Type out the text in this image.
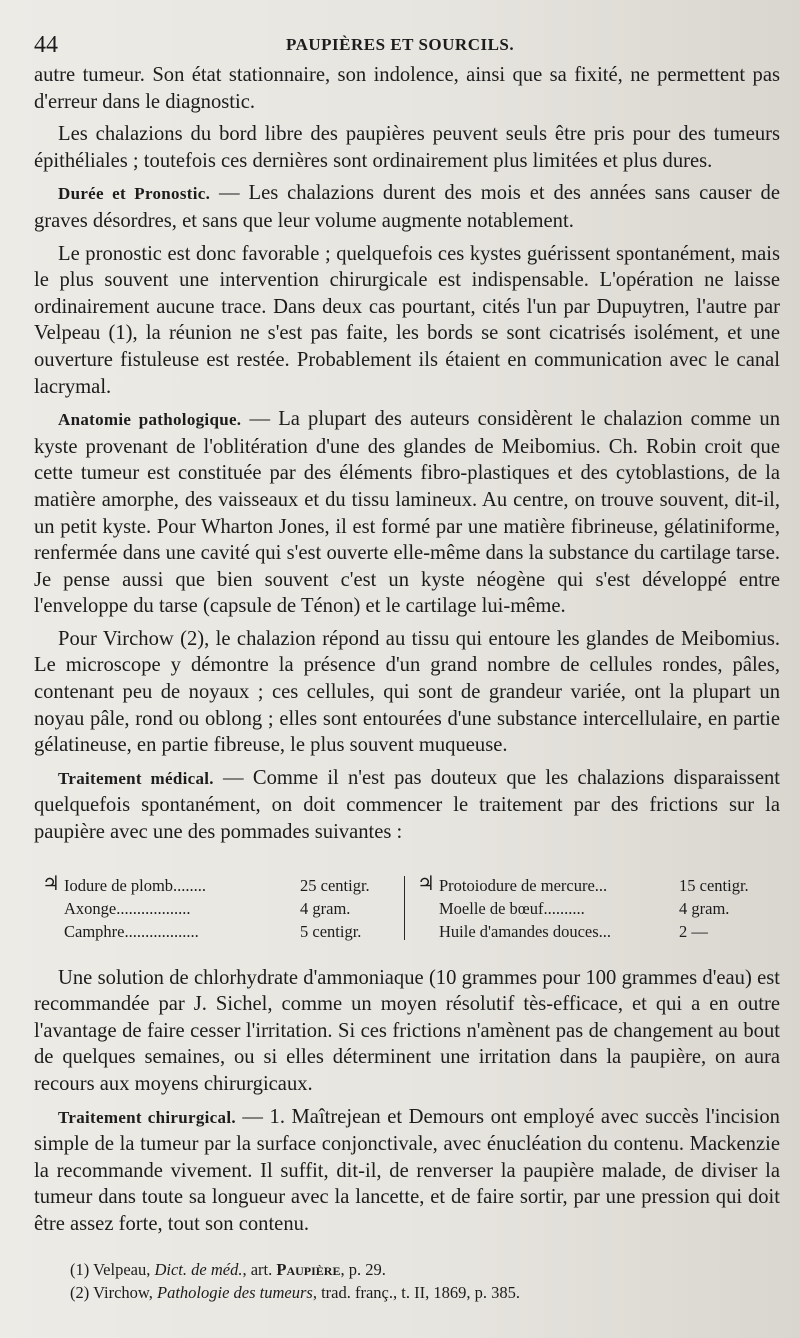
44	PAUPIÈRES ET SOURCILS.

autre tumeur. Son état stationnaire, son indolence, ainsi que sa fixité, ne permettent pas d'erreur dans le diagnostic.

Les chalazions du bord libre des paupières peuvent seuls être pris pour des tumeurs épithéliales ; toutefois ces dernières sont ordinairement plus limitées et plus dures.

Durée et Pronostic. — Les chalazions durent des mois et des années sans causer de graves désordres, et sans que leur volume augmente notablement.

Le pronostic est donc favorable ; quelquefois ces kystes guérissent spontanément, mais le plus souvent une intervention chirurgicale est indispensable. L'opération ne laisse ordinairement aucune trace. Dans deux cas pourtant, cités l'un par Dupuytren, l'autre par Velpeau (1), la réunion ne s'est pas faite, les bords se sont cicatrisés isolément, et une ouverture fistuleuse est restée. Probablement ils étaient en communication avec le canal lacrymal.

Anatomie pathologique. — La plupart des auteurs considèrent le chalazion comme un kyste provenant de l'oblitération d'une des glandes de Meibomius. Ch. Robin croit que cette tumeur est constituée par des éléments fibro-plastiques et des cytoblastions, de la matière amorphe, des vaisseaux et du tissu lamineux. Au centre, on trouve souvent, dit-il, un petit kyste. Pour Wharton Jones, il est formé par une matière fibrineuse, gélatiniforme, renfermée dans une cavité qui s'est ouverte elle-même dans la substance du cartilage tarse. Je pense aussi que bien souvent c'est un kyste néogène qui s'est développé entre l'enveloppe du tarse (capsule de Ténon) et le cartilage lui-même.

Pour Virchow (2), le chalazion répond au tissu qui entoure les glandes de Meibomius. Le microscope y démontre la présence d'un grand nombre de cellules rondes, pâles, contenant peu de noyaux ; ces cellules, qui sont de grandeur variée, ont la plupart un noyau pâle, rond ou oblong ; elles sont entourées d'une substance intercellulaire, en partie gélatineuse, en partie fibreuse, le plus souvent muqueuse.

Traitement médical. — Comme il n'est pas douteux que les chalazions disparaissent quelquefois spontanément, on doit commencer le traitement par des frictions sur la paupière avec une des pommades suivantes :

♃ Iodure de plomb........	25 centigr.
Axonge..................	4 gram.
Camphre..................	5 centigr.
♃ Protoiodure de mercure...	15 centigr.
Moelle de bœuf..........	4 gram.
Huile d'amandes douces...	2 —

Une solution de chlorhydrate d'ammoniaque (10 grammes pour 100 grammes d'eau) est recommandée par J. Sichel, comme un moyen résolutif tès-efficace, et qui a en outre l'avantage de faire cesser l'irritation. Si ces frictions n'amènent pas de changement au bout de quelques semaines, ou si elles déterminent une irritation dans la paupière, on aura recours aux moyens chirurgicaux.

Traitement chirurgical. — 1. Maîtrejean et Demours ont employé avec succès l'incision simple de la tumeur par la surface conjonctivale, avec énucléation du contenu. Mackenzie la recommande vivement. Il suffit, dit-il, de renverser la paupière malade, de diviser la tumeur dans toute sa longueur avec la lancette, et de faire sortir, par une pression qui doit être assez forte, tout son contenu.

(1) Velpeau, Dict. de méd., art. Paupière, p. 29.
(2) Virchow, Pathologie des tumeurs, trad. franç., t. II, 1869, p. 385.
